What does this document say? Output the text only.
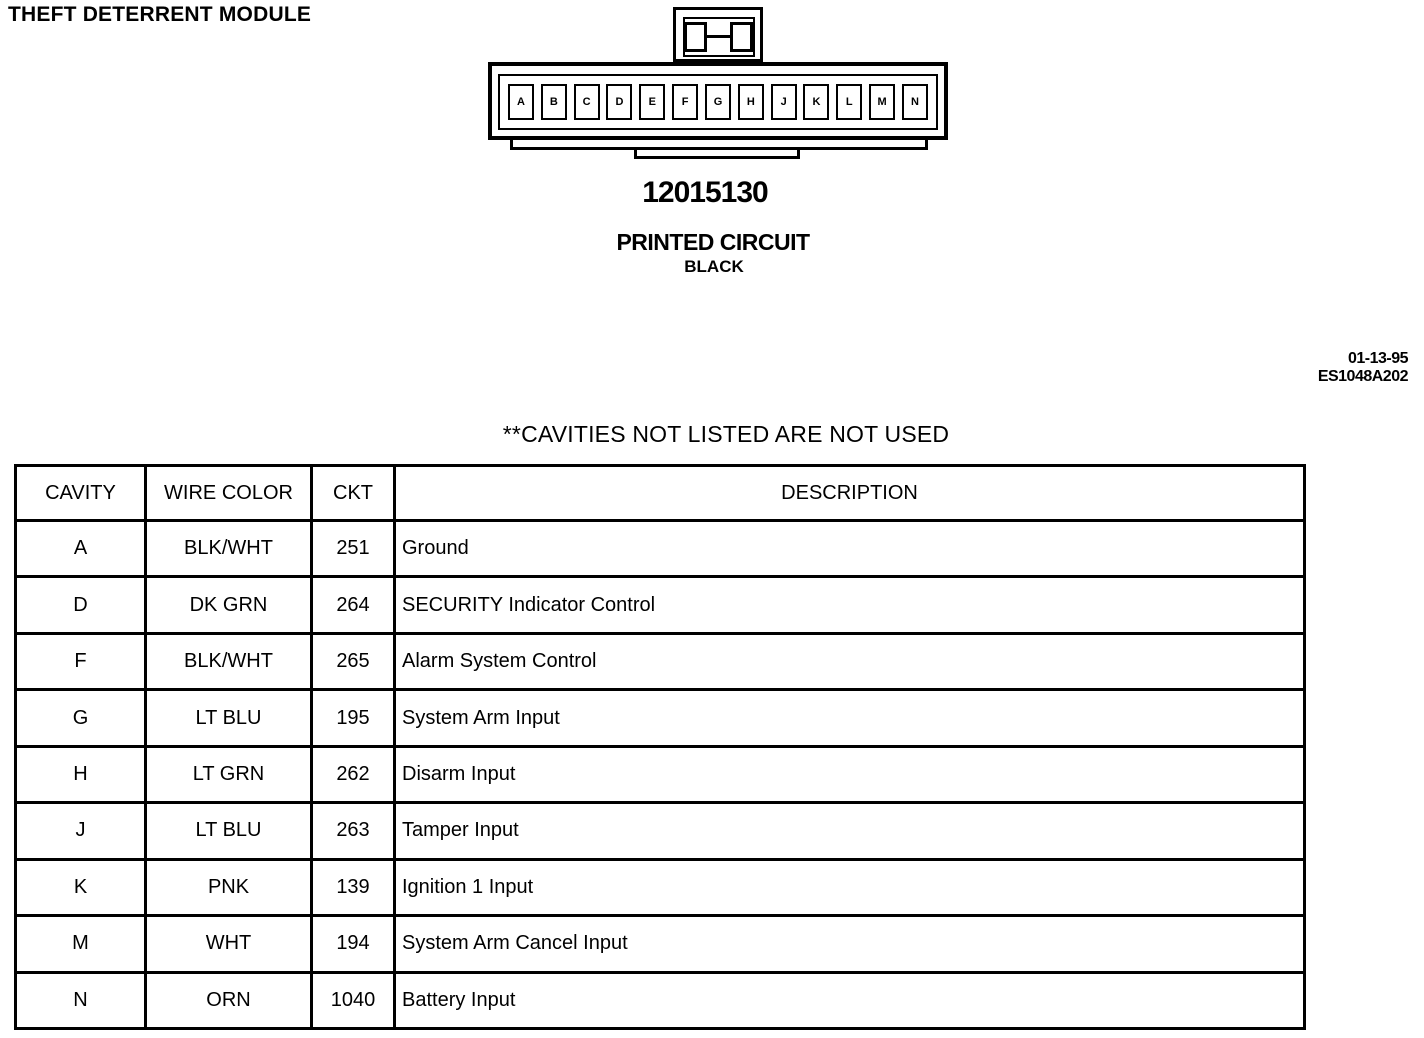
THEFT DETERRENT MODULE
A	B	C	D	E	F	G	H	J	K	L	M	N
12015130
PRINTED CIRCUIT
BLACK
01-13-95
ES1048A202
**CAVITIES NOT LISTED ARE NOT USED
CAVITY	WIRE COLOR	CKT	DESCRIPTION
A	BLK/WHT	251	Ground
D	DK GRN	264	SECURITY Indicator Control
F	BLK/WHT	265	Alarm System Control
G	LT BLU	195	System Arm Input
H	LT GRN	262	Disarm Input
J	LT BLU	263	Tamper Input
K	PNK	139	Ignition 1 Input
M	WHT	194	System Arm Cancel Input
N	ORN	1040	Battery Input
